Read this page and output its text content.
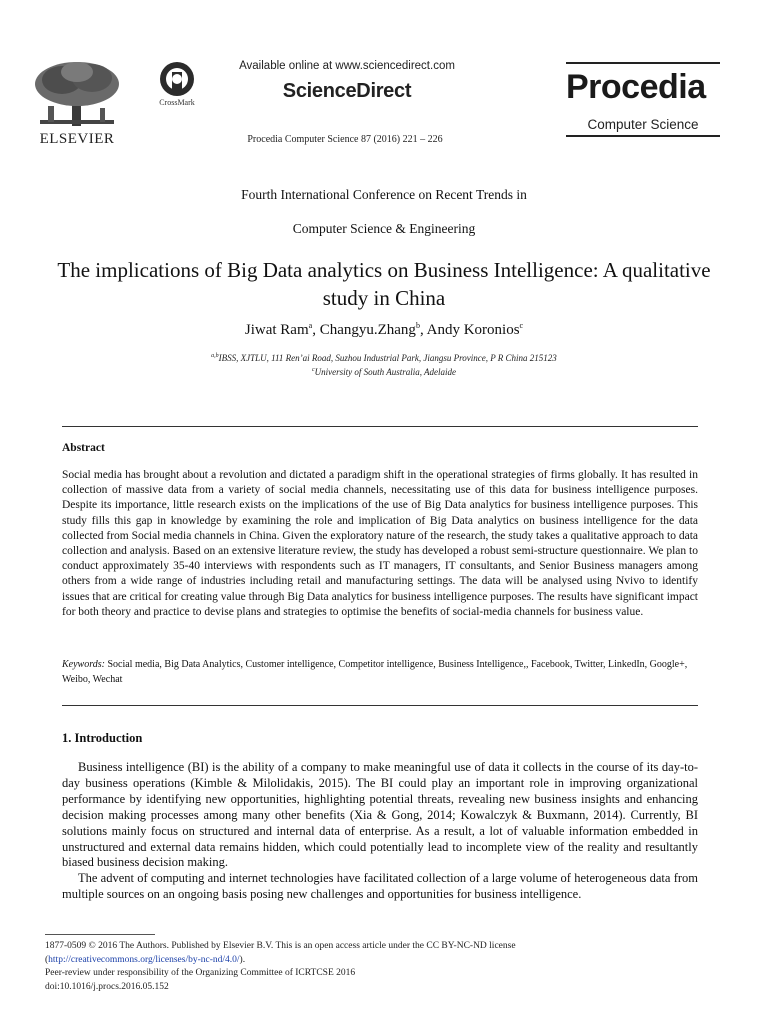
ELSEVIER
CrossMark
Available online at www.sciencedirect.com
ScienceDirect
Procedia Computer Science 87 (2016) 221 – 226
Procedia
Computer Science
Fourth International Conference on Recent Trends in
Computer Science & Engineering
The implications of Big Data analytics on Business Intelligence: A qualitative study in China
Jiwat Ram$^a$, Changyu.Zhang$^b$, Andy Koronios$^c$
$^{a,b}$IBSS, XJTLU, 111 Ren’ai Road, Suzhou Industrial Park, Jiangsu Province, P R China 215123
$^c$University of South Australia, Adelaide
Abstract
Social media has brought about a revolution and dictated a paradigm shift in the operational strategies of firms globally. It has resulted in collection of massive data from a variety of social media channels, necessitating use of this data for business intelligence purposes. Despite its importance, little research exists on the implications of the use of Big Data analytics for business intelligence purposes. This study fills this gap in knowledge by examining the role and implication of Big Data analytics on business intelligence for the data collected from Social media channels in China. Given the exploratory nature of the research, the study takes a qualitative approach to data collection and analysis. Based on an extensive literature review, the study has developed a robust semi-structure questionnaire. We plan to conduct approximately 35-40 interviews with respondents such as IT managers, IT consultants, and Senior Business managers among others from a wide range of industries including retail and manufacturing settings. The data will be analysed using Nvivo to identify issues that are critical for creating value through Big Data analytics for business intelligence purposes. The results have significant impact for both theory and practice to devise plans and strategies to optimise the benefits of social-media channels for business value.
Keywords: Social media, Big Data Analytics, Customer intelligence, Competitor intelligence, Business Intelligence,, Facebook, Twitter, LinkedIn, Google+, Weibo, Wechat
1. Introduction

Business intelligence (BI) is the ability of a company to make meaningful use of data it collects in the course of its day-to-day business operations (Kimble & Milolidakis, 2015). The BI could play an important role in improving organizational performance by identifying new opportunities, highlighting potential threats, revealing new business insights and enhancing decision making processes among many other benefits (Xia & Gong, 2014; Kowalczyk & Buxmann, 2014). Currently, BI solutions mainly focus on structured and internal data of enterprise. As a result, a lot of valuable information embedded in unstructured and external data remains hidden, which could potentially lead to incomplete view of the reality and resultantly biased business decision making.

The advent of computing and internet technologies have facilitated collection of a large volume of heterogeneous data from multiple sources on an ongoing basis posing new challenges and opportunities for business intelligence.

1877-0509 © 2016 The Authors. Published by Elsevier B.V. This is an open access article under the CC BY-NC-ND license
(http://creativecommons.org/licenses/by-nc-nd/4.0/).
Peer-review under responsibility of the Organizing Committee of ICRTCSE 2016
doi:10.1016/j.procs.2016.05.152
